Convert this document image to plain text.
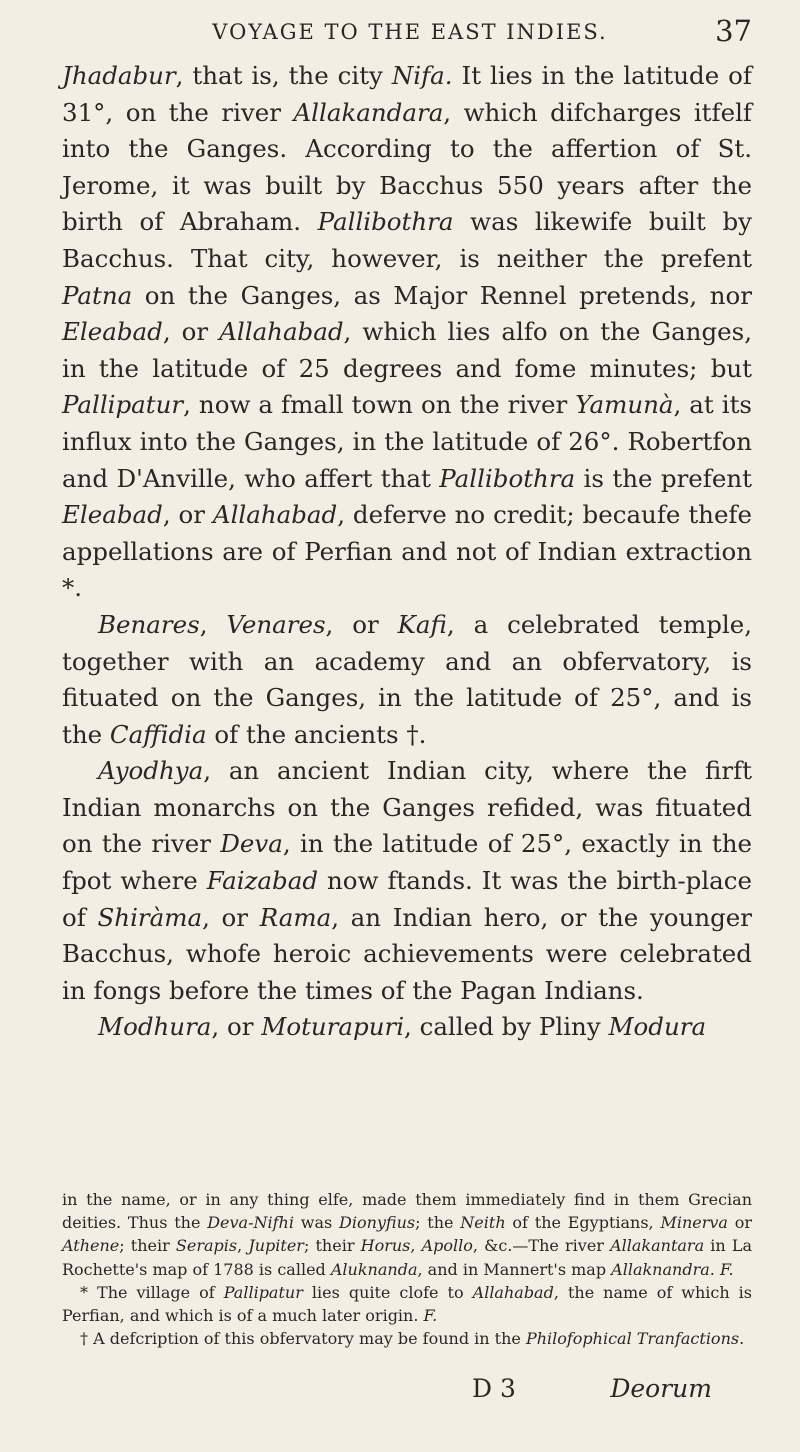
VOYAGE TO THE EAST INDIES.	37

Jhadabur, that is, the city Nifa. It lies in the latitude of 31°, on the river Allakandara, which difcharges itfelf into the Ganges. According to the affertion of St. Jerome, it was built by Bacchus 550 years after the birth of Abraham. Pallibothra was likewife built by Bacchus. That city, however, is neither the prefent Patna on the Ganges, as Major Rennel pretends, nor Eleabad, or Allahabad, which lies alfo on the Ganges, in the latitude of 25 degrees and fome minutes; but Pallipatur, now a fmall town on the river Yamunà, at its influx into the Ganges, in the latitude of 26°. Robertfon and D'Anville, who affert that Pallibothra is the prefent Eleabad, or Allahabad, deferve no credit; becaufe thefe appellations are of Perfian and not of Indian extraction *.

Benares, Venares, or Kafi, a celebrated temple, together with an academy and an obfervatory, is fituated on the Ganges, in the latitude of 25°, and is the Caffidia of the ancients †.

Ayodhya, an ancient Indian city, where the firft Indian monarchs on the Ganges refided, was fituated on the river Deva, in the latitude of 25°, exactly in the fpot where Faizabad now ftands. It was the birth-place of Shiràma, or Rama, an Indian hero, or the younger Bacchus, whofe heroic achievements were celebrated in fongs before the times of the Pagan Indians.

Modhura, or Moturapuri, called by Pliny Modura

in the name, or in any thing elfe, made them immediately find in them Grecian deities. Thus the Deva-Nifhi was Dionyfius; the Neith of the Egyptians, Minerva or Athene; their Serapis, Jupiter; their Horus, Apollo, &c.—The river Allakantara in La Rochette's map of 1788 is called Aluknanda, and in Mannert's map Allaknandra. F.

* The village of Pallipatur lies quite clofe to Allahabad, the name of which is Perfian, and which is of a much later origin. F.

† A defcription of this obfervatory may be found in the Philofophical Tranfactions.

D 3	Deorum
